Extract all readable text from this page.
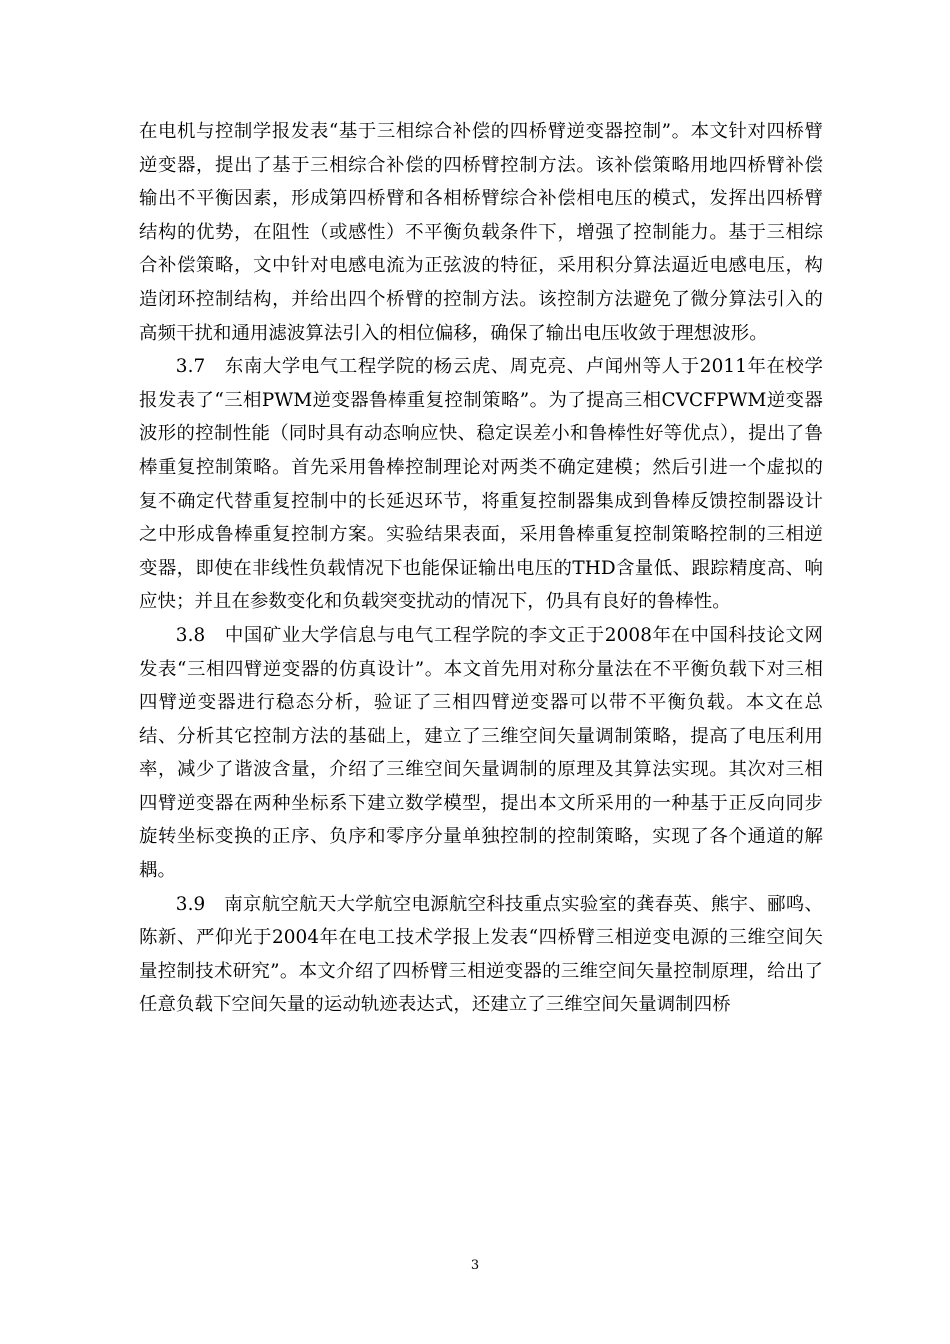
在电机与控制学报发表“基于三相综合补偿的四桥臂逆变器控制”。本文针对四桥臂逆变器，提出了基于三相综合补偿的四桥臂控制方法。该补偿策略用地四桥臂补偿输出不平衡因素，形成第四桥臂和各相桥臂综合补偿相电压的模式，发挥出四桥臂结构的优势，在阻性（或感性）不平衡负载条件下，增强了控制能力。基于三相综合补偿策略，文中针对电感电流为正弦波的特征，采用积分算法逼近电感电压，构造闭环控制结构，并给出四个桥臂的控制方法。该控制方法避免了微分算法引入的高频干扰和通用滤波算法引入的相位偏移，确保了输出电压收敛于理想波形。

3.7　东南大学电气工程学院的杨云虎、周克亮、卢闻州等人于2011年在校学报发表了“三相PWM逆变器鲁棒重复控制策略”。为了提高三相CVCFPWM逆变器波形的控制性能（同时具有动态响应快、稳定误差小和鲁棒性好等优点），提出了鲁棒重复控制策略。首先采用鲁棒控制理论对两类不确定建模；然后引进一个虚拟的复不确定代替重复控制中的长延迟环节，将重复控制器集成到鲁棒反馈控制器设计之中形成鲁棒重复控制方案。实验结果表面，采用鲁棒重复控制策略控制的三相逆变器，即使在非线性负载情况下也能保证输出电压的THD含量低、跟踪精度高、响应快；并且在参数变化和负载突变扰动的情况下，仍具有良好的鲁棒性。

3.8　中国矿业大学信息与电气工程学院的李文正于2008年在中国科技论文网发表“三相四臂逆变器的仿真设计”。本文首先用对称分量法在不平衡负载下对三相四臂逆变器进行稳态分析，验证了三相四臂逆变器可以带不平衡负载。本文在总结、分析其它控制方法的基础上，建立了三维空间矢量调制策略，提高了电压利用率，减少了谐波含量，介绍了三维空间矢量调制的原理及其算法实现。其次对三相四臂逆变器在两种坐标系下建立数学模型，提出本文所采用的一种基于正反向同步旋转坐标变换的正序、负序和零序分量单独控制的控制策略，实现了各个通道的解耦。

3.9　南京航空航天大学航空电源航空科技重点实验室的龚春英、熊宇、郦鸣、陈新、严仰光于2004年在电工技术学报上发表“四桥臂三相逆变电源的三维空间矢量控制技术研究”。本文介绍了四桥臂三相逆变器的三维空间矢量控制原理，给出了任意负载下空间矢量的运动轨迹表达式，还建立了三维空间矢量调制四桥

3
